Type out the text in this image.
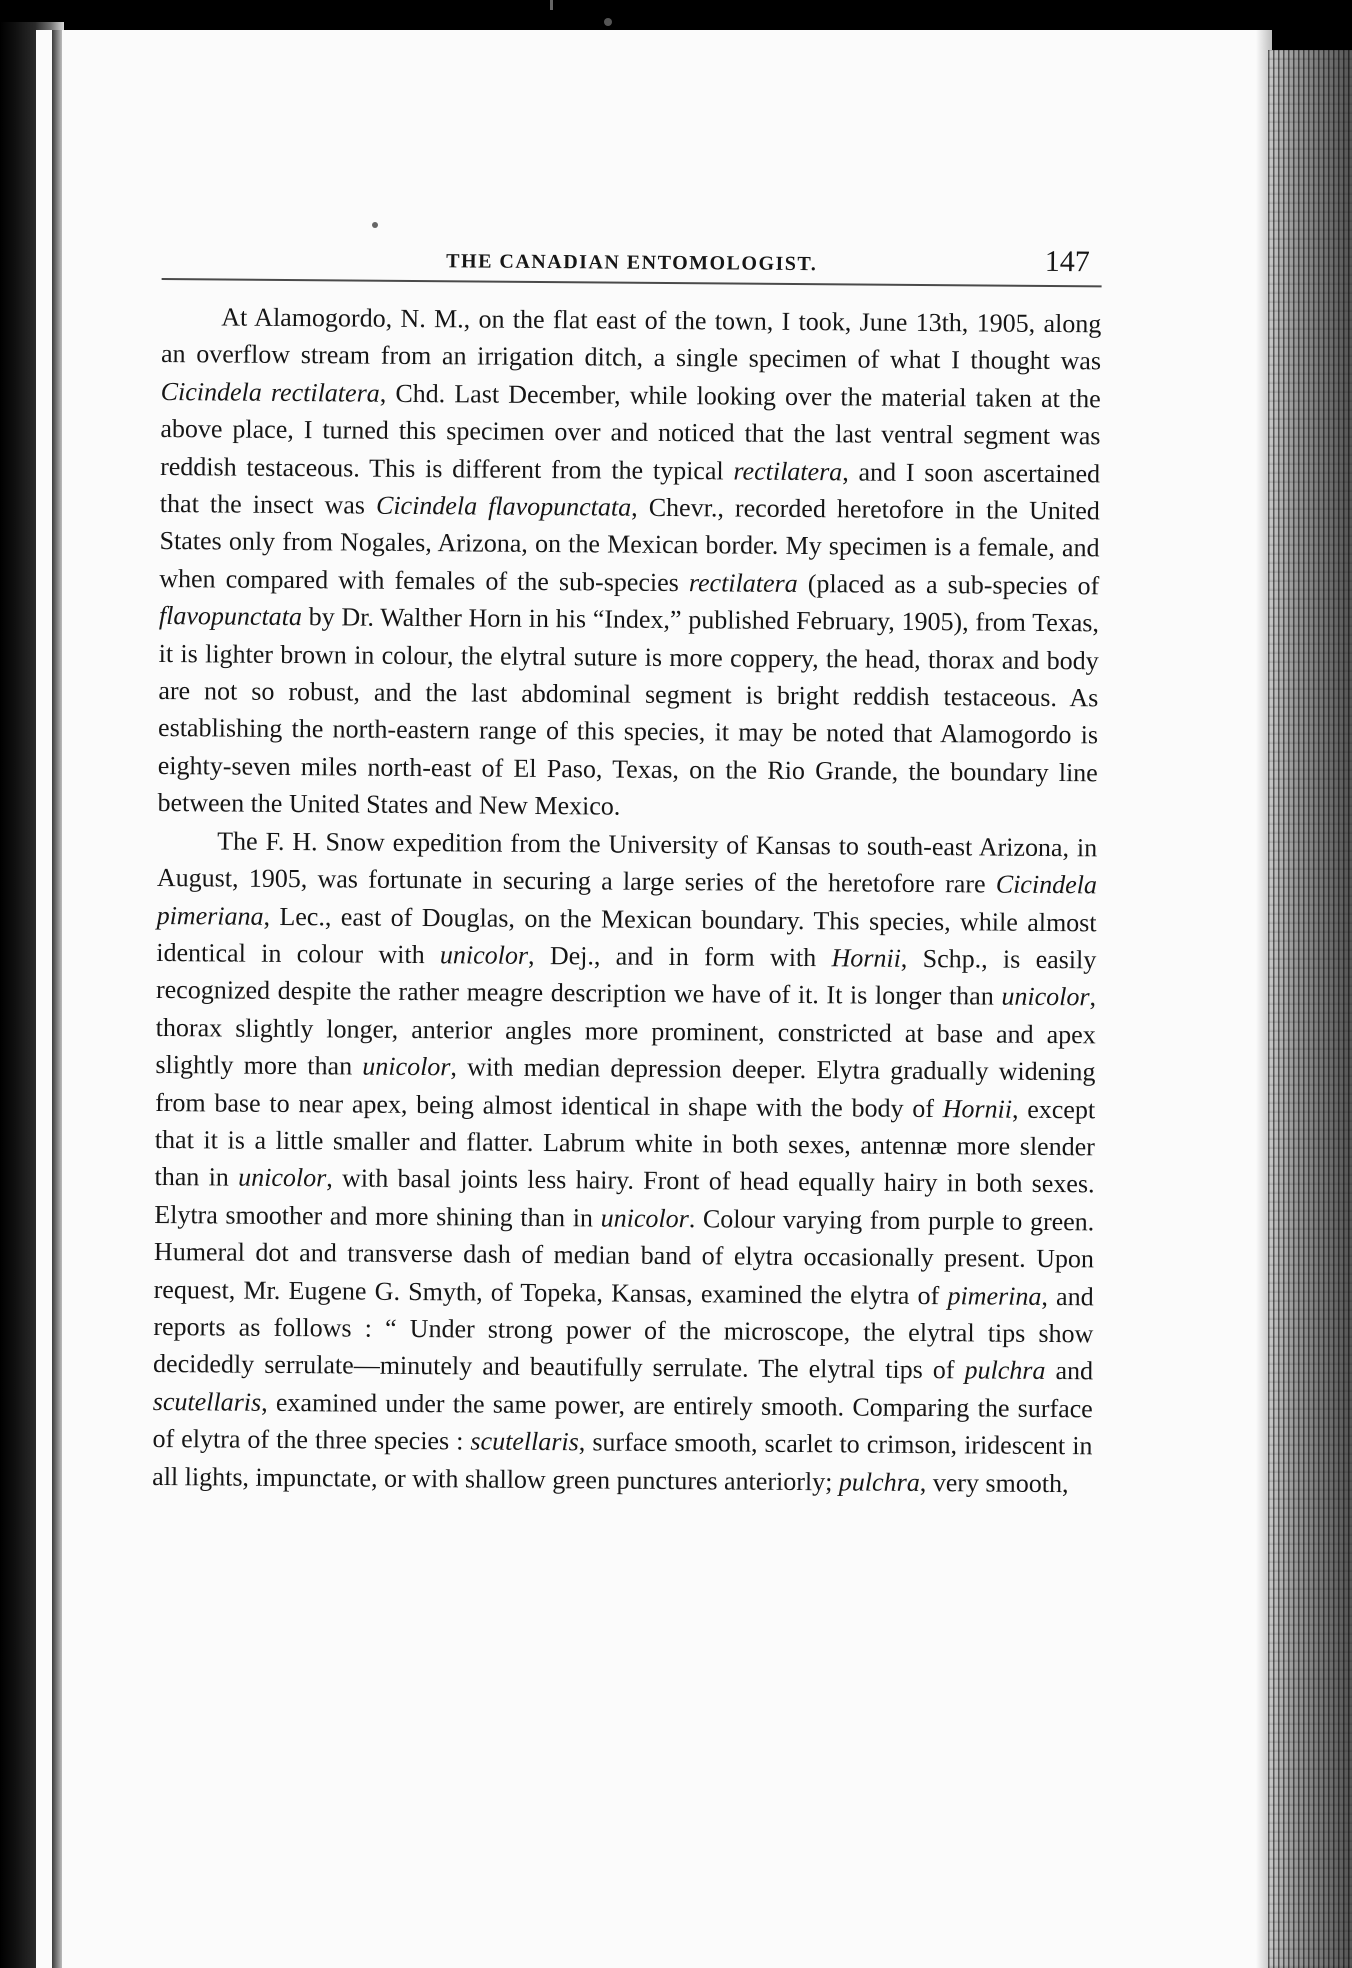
THE CANADIAN ENTOMOLOGIST.	147

At Alamogordo, N. M., on the flat east of the town, I took, June 13th, 1905, along an overflow stream from an irrigation ditch, a single specimen of what I thought was Cicindela rectilatera, Chd. Last December, while looking over the material taken at the above place, I turned this specimen over and noticed that the last ventral segment was reddish testaceous. This is different from the typical rectilatera, and I soon ascertained that the insect was Cicindela flavopunctata, Chevr., recorded heretofore in the United States only from Nogales, Arizona, on the Mexican border. My specimen is a female, and when compared with females of the sub-species rectilatera (placed as a sub-species of flavopunctata by Dr. Walther Horn in his “Index,” published February, 1905), from Texas, it is lighter brown in colour, the elytral suture is more coppery, the head, thorax and body are not so robust, and the last abdominal segment is bright reddish testaceous. As establishing the north-eastern range of this species, it may be noted that Alamogordo is eighty-seven miles north-east of El Paso, Texas, on the Rio Grande, the boundary line between the United States and New Mexico.

The F. H. Snow expedition from the University of Kansas to south-east Arizona, in August, 1905, was fortunate in securing a large series of the heretofore rare Cicindela pimeriana, Lec., east of Douglas, on the Mexican boundary. This species, while almost identical in colour with unicolor, Dej., and in form with Hornii, Schp., is easily recognized despite the rather meagre description we have of it. It is longer than unicolor, thorax slightly longer, anterior angles more prominent, constricted at base and apex slightly more than unicolor, with median depression deeper. Elytra gradually widening from base to near apex, being almost identical in shape with the body of Hornii, except that it is a little smaller and flatter. Labrum white in both sexes, antennæ more slender than in unicolor, with basal joints less hairy. Front of head equally hairy in both sexes. Elytra smoother and more shining than in unicolor. Colour varying from purple to green. Humeral dot and transverse dash of median band of elytra occasionally present. Upon request, Mr. Eugene G. Smyth, of Topeka, Kansas, examined the elytra of pimerina, and reports as follows : “ Under strong power of the microscope, the elytral tips show decidedly serrulate—minutely and beautifully serrulate. The elytral tips of pulchra and scutellaris, examined under the same power, are entirely smooth. Comparing the surface of elytra of the three species : scutellaris, surface smooth, scarlet to crimson, iridescent in all lights, impunctate, or with shallow green punctures anteriorly; pulchra, very smooth,
